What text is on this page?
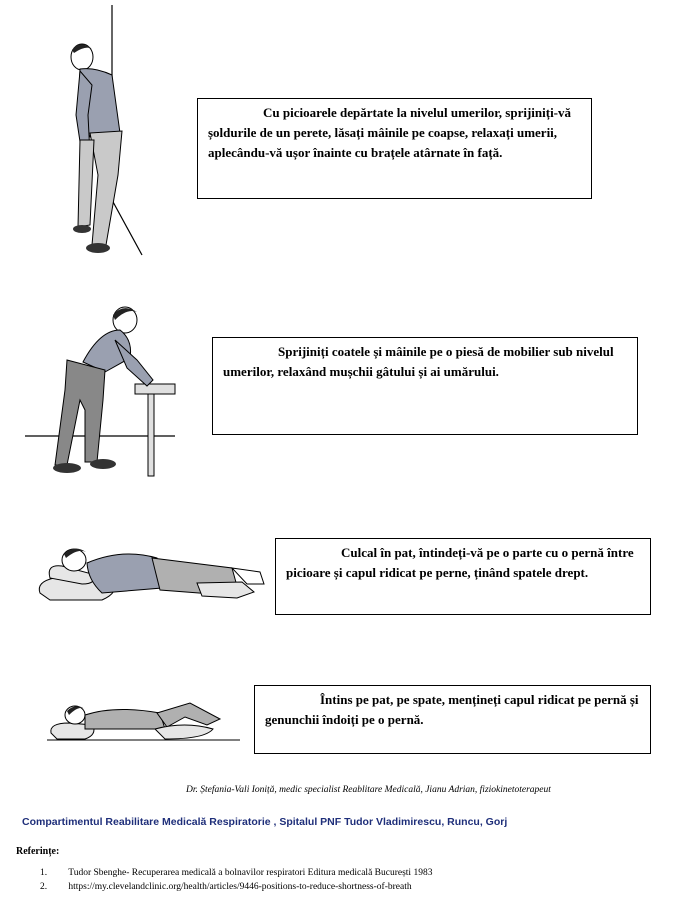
Cu picioarele depărtate la nivelul umerilor, sprijiniți-vă șoldurile de un perete, lăsați mâinile pe coapse, relaxați umerii, aplecându-vă ușor înainte cu brațele atârnate în față.

Sprijiniți coatele și mâinile pe o piesă de mobilier sub nivelul umerilor, relaxând mușchii gâtului și ai umărului.

Culcal în pat, întindeți-vă pe o parte cu o pernă între picioare și capul ridicat pe perne, ținând spatele drept.

Întins pe pat, pe spate, mențineți capul ridicat pe pernă și genunchii îndoiți pe o pernă.

Dr. Ștefania-Vali Ioniță, medic specialist Reablitare Medicală, Jianu Adrian, fiziokinetoterapeut
Compartimentul Reabilitare Medicală Respiratorie , Spitalul PNF Tudor Vladimirescu, Runcu, Gorj
Referințe:
1. Tudor Sbenghe- Recuperarea medicală a bolnavilor respiratori Editura medicală București 1983
2. https://my.clevelandclinic.org/health/articles/9446-positions-to-reduce-shortness-of-breath
